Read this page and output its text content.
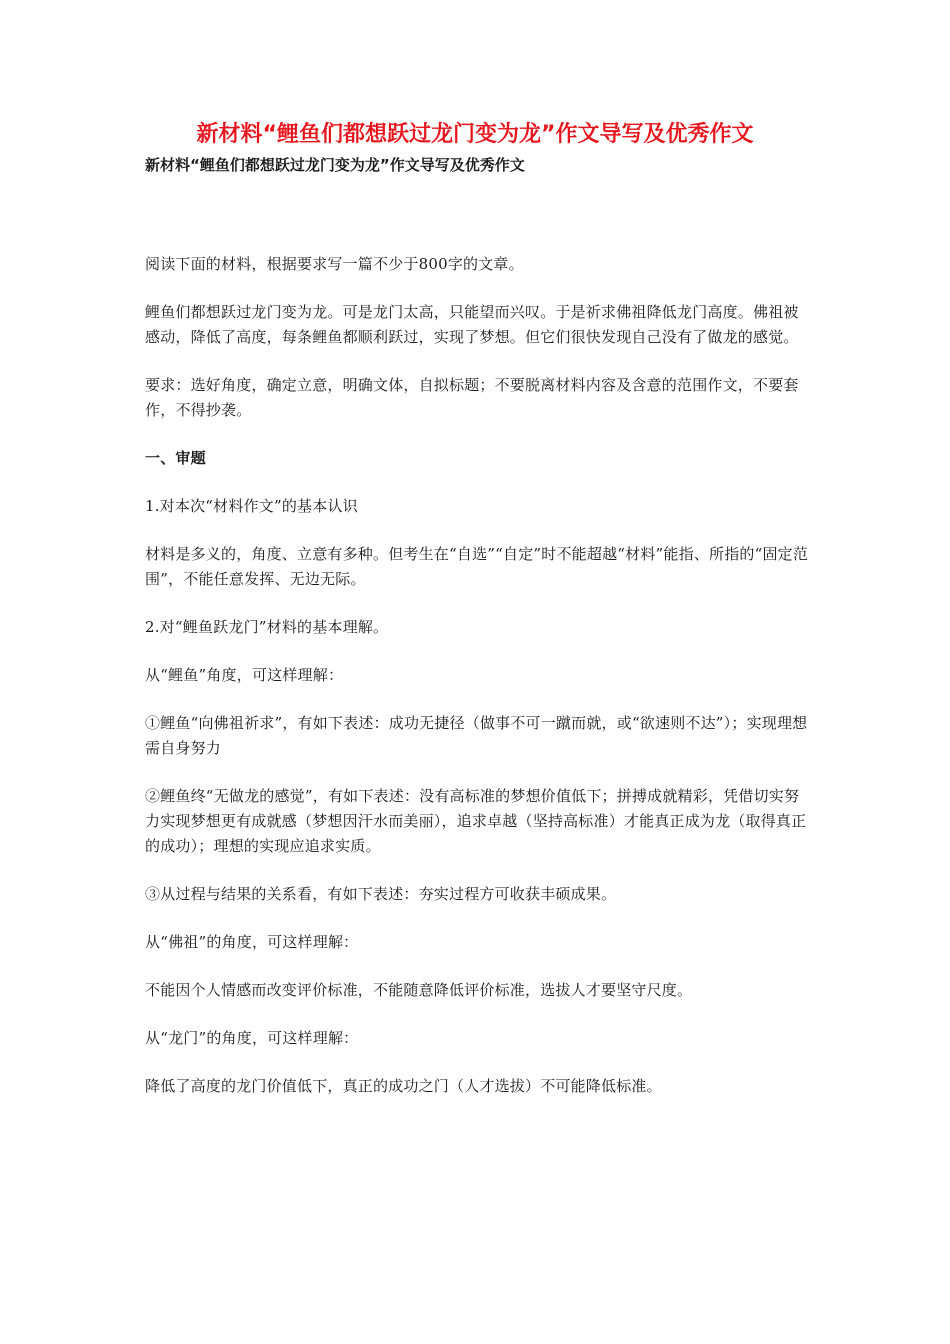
新材料“鲤鱼们都想跃过龙门变为龙”作文导写及优秀作文
新材料“鲤鱼们都想跃过龙门变为龙”作文导写及优秀作文

阅读下面的材料，根据要求写一篇不少于800字的文章。

鲤鱼们都想跃过龙门变为龙。可是龙门太高，只能望而兴叹。于是祈求佛祖降低龙门高度。佛祖被感动，降低了高度，每条鲤鱼都顺利跃过，实现了梦想。但它们很快发现自己没有了做龙的感觉。

要求：选好角度，确定立意，明确文体，自拟标题；不要脱离材料内容及含意的范围作文，不要套作，不得抄袭。

一、审题

1.对本次“材料作文”的基本认识

材料是多义的，角度、立意有多种。但考生在“自选”“自定”时不能超越“材料”能指、所指的“固定范围”，不能任意发挥、无边无际。

2.对“鲤鱼跃龙门”材料的基本理解。

从“鲤鱼”角度，可这样理解：

①鲤鱼“向佛祖祈求”，有如下表述：成功无捷径（做事不可一蹴而就，或“欲速则不达”）；实现理想需自身努力

②鲤鱼终“无做龙的感觉”，有如下表述：没有高标准的梦想价值低下；拼搏成就精彩，凭借切实努力实现梦想更有成就感（梦想因汗水而美丽），追求卓越（坚持高标准）才能真正成为龙（取得真正的成功）；理想的实现应追求实质。

③从过程与结果的关系看，有如下表述：夯实过程方可收获丰硕成果。

从“佛祖”的角度，可这样理解：

不能因个人情感而改变评价标准，不能随意降低评价标准，选拔人才要坚守尺度。

从“龙门”的角度，可这样理解：

降低了高度的龙门价值低下，真正的成功之门（人才选拔）不可能降低标准。
